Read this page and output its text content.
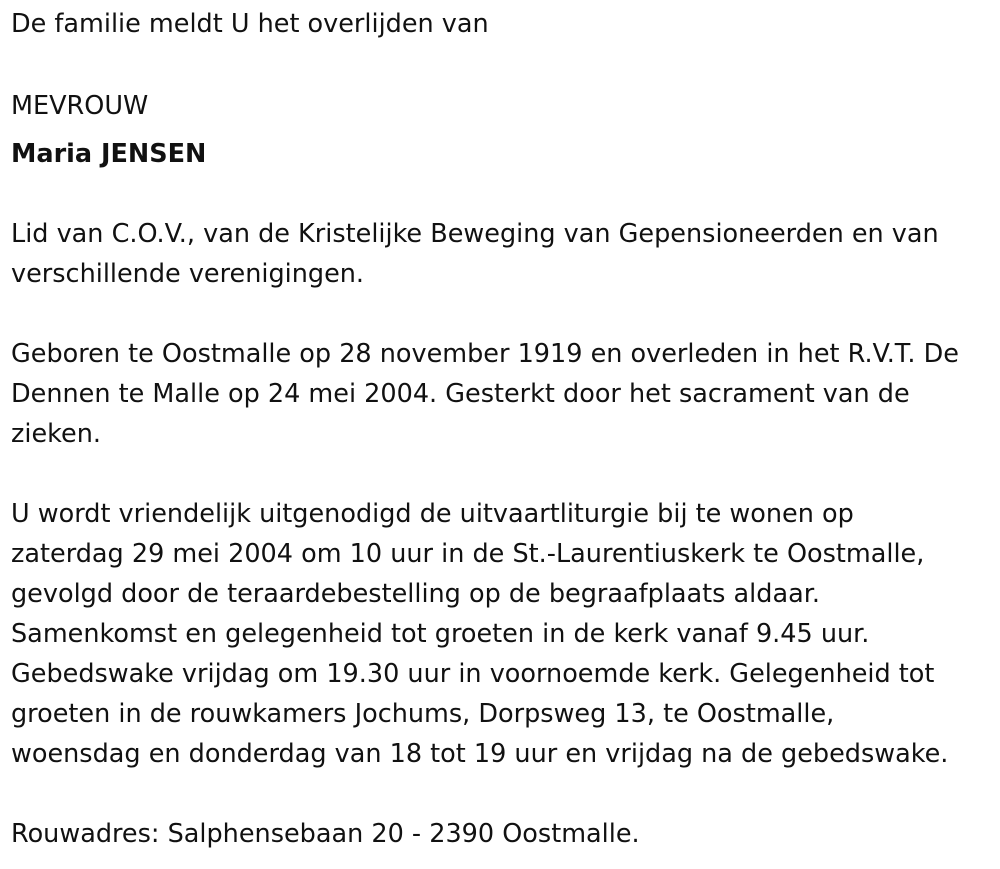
De familie meldt U het overlijden van
MEVROUW
Maria JENSEN
Lid van C.O.V., van de Kristelijke Beweging van Gepensioneerden en van
verschillende verenigingen.
Geboren te Oostmalle op 28 november 1919 en overleden in het R.V.T. De
Dennen te Malle op 24 mei 2004. Gesterkt door het sacrament van de
zieken.
U wordt vriendelijk uitgenodigd de uitvaartliturgie bij te wonen op
zaterdag 29 mei 2004 om 10 uur in de St.-Laurentiuskerk te Oostmalle,
gevolgd door de teraardebestelling op de begraafplaats aldaar.
Samenkomst en gelegenheid tot groeten in de kerk vanaf 9.45 uur.
Gebedswake vrijdag om 19.30 uur in voornoemde kerk. Gelegenheid tot
groeten in de rouwkamers Jochums, Dorpsweg 13, te Oostmalle,
woensdag en donderdag van 18 tot 19 uur en vrijdag na de gebedswake.
Rouwadres: Salphensebaan 20 - 2390 Oostmalle.
